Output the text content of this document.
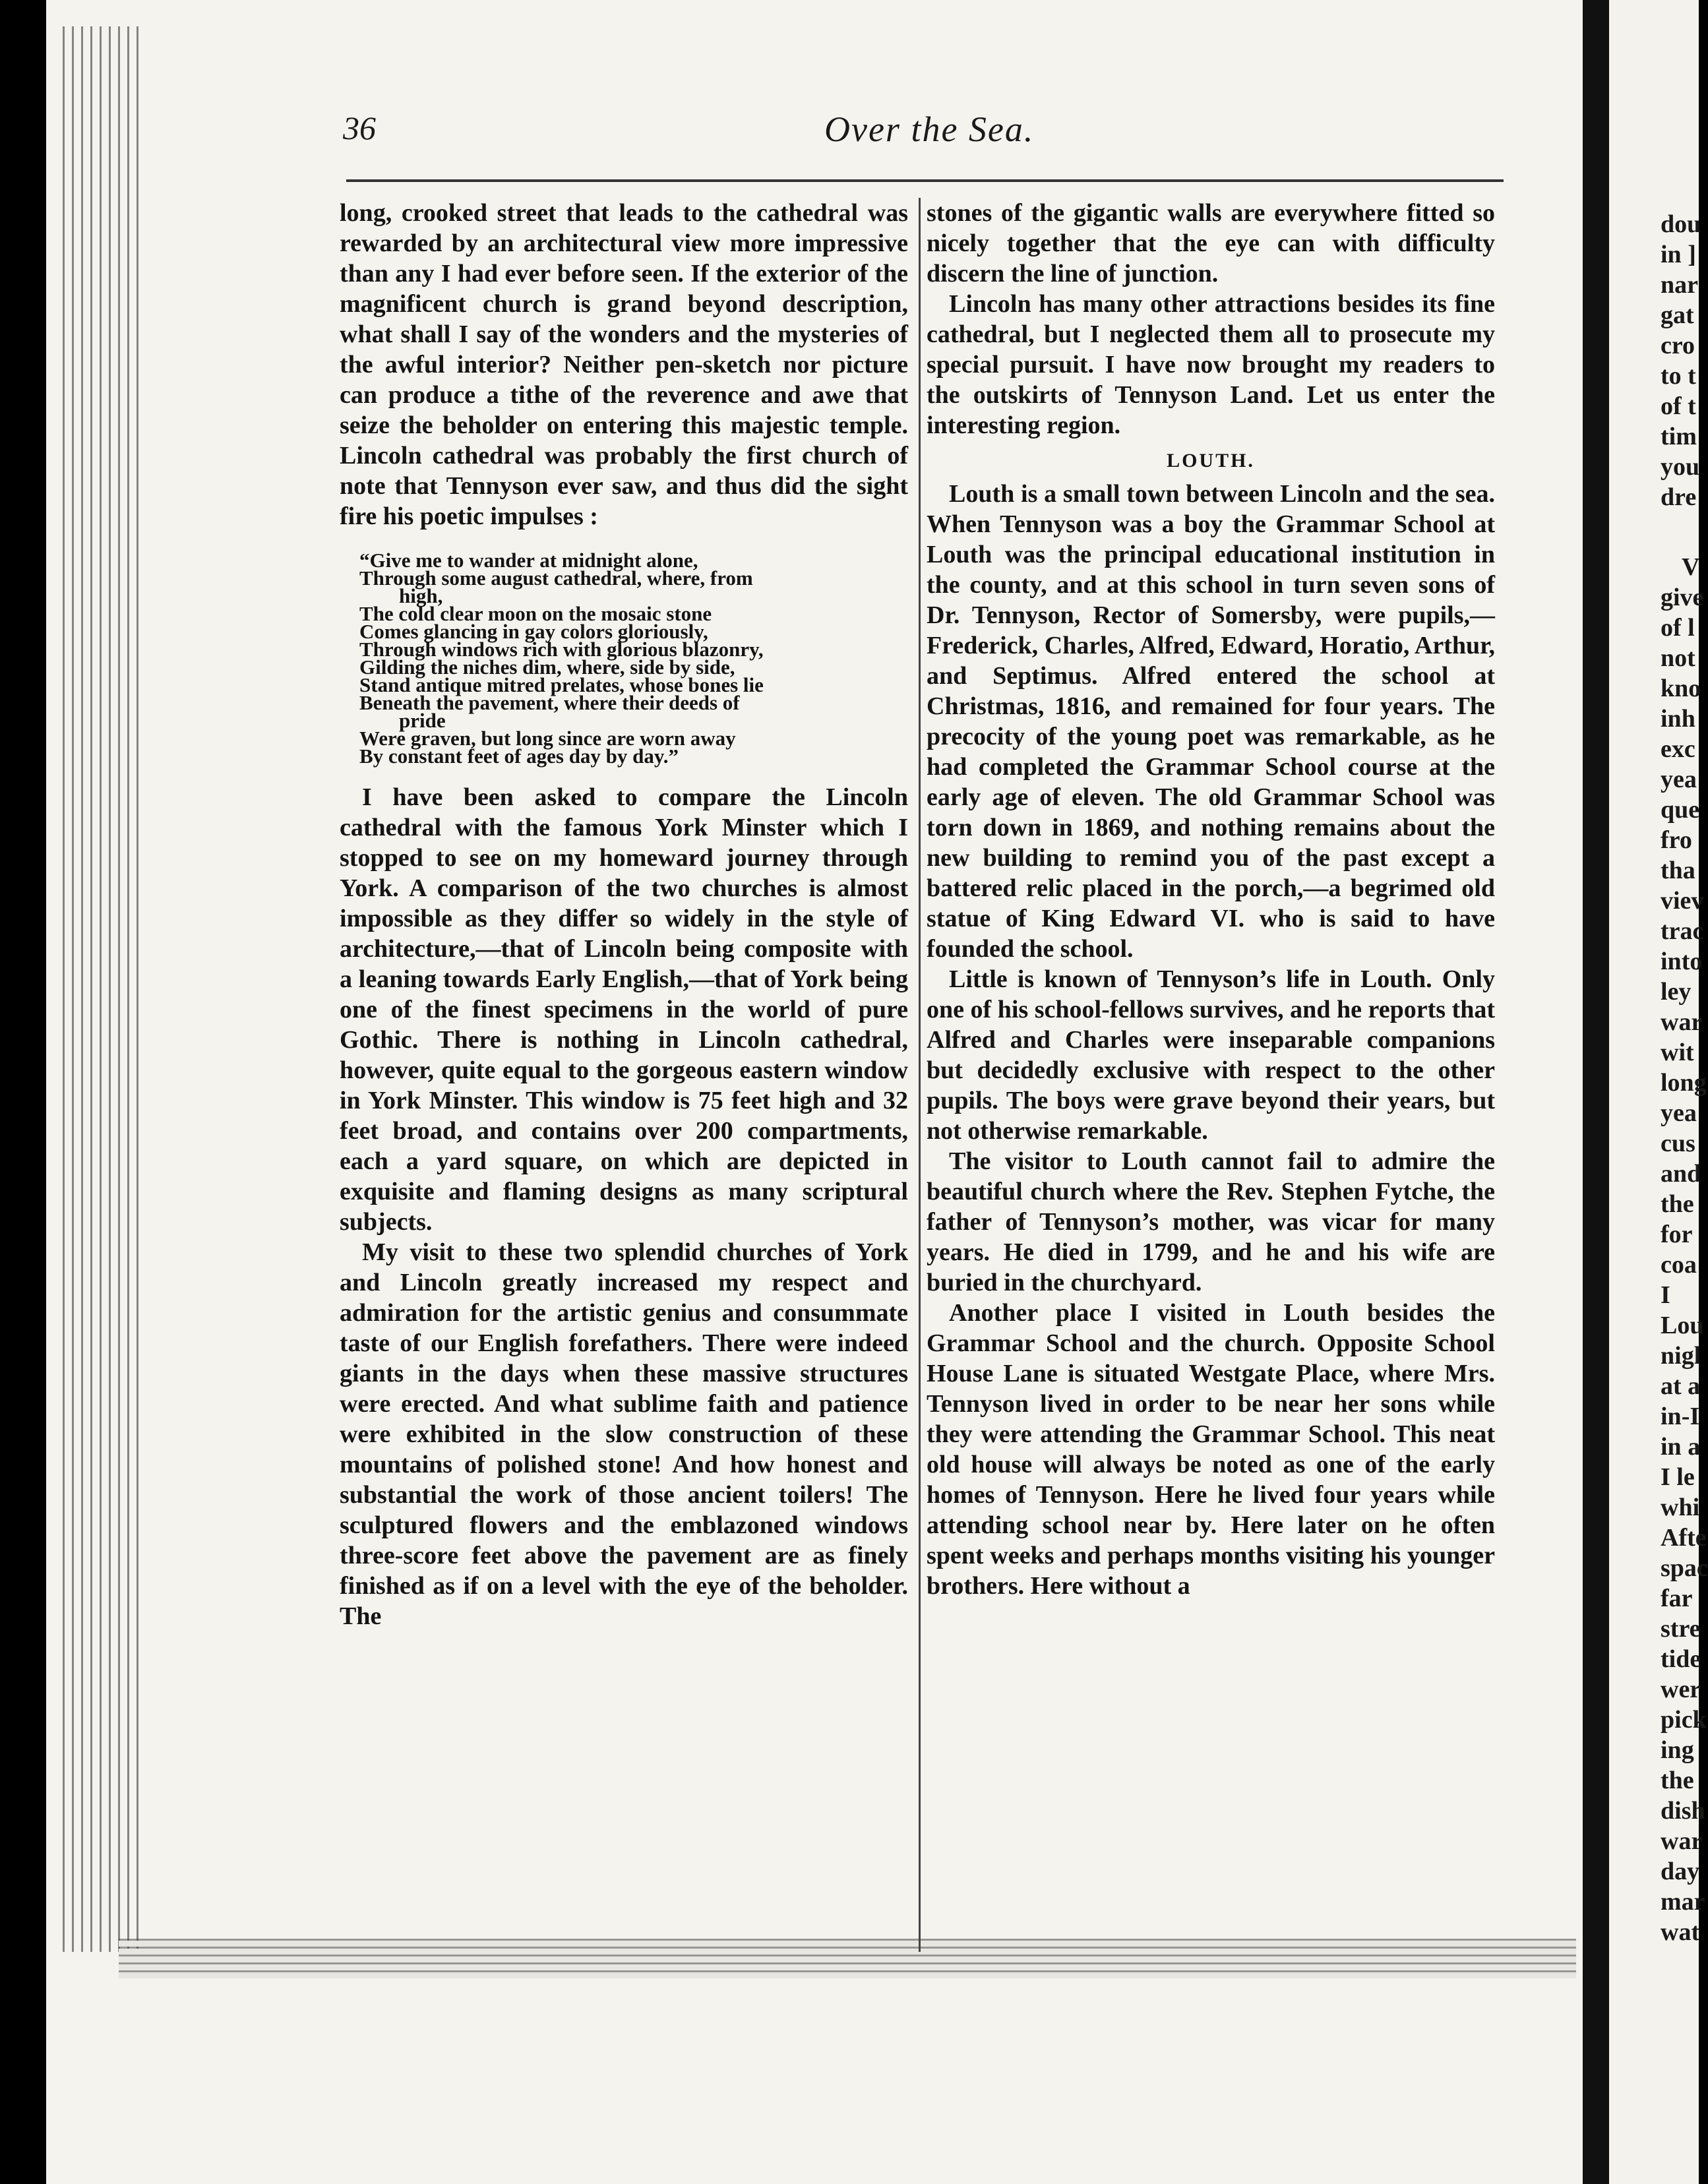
36	Over the Sea.

long, crooked street that leads to the cathedral was rewarded by an architectural view more impressive than any I had ever before seen. If the exterior of the magnificent church is grand beyond description, what shall I say of the wonders and the mysteries of the awful interior? Neither pen-sketch nor picture can produce a tithe of the reverence and awe that seize the beholder on entering this majestic temple. Lincoln cathedral was probably the first church of note that Tennyson ever saw, and thus did the sight fire his poetic impulses :

“Give me to wander at midnight alone,
Through some august cathedral, where, from
high,
The cold clear moon on the mosaic stone
Comes glancing in gay colors gloriously,
Through windows rich with glorious blazonry,
Gilding the niches dim, where, side by side,
Stand antique mitred prelates, whose bones lie
Beneath the pavement, where their deeds of
pride
Were graven, but long since are worn away
By constant feet of ages day by day.”

I have been asked to compare the Lincoln cathedral with the famous York Minster which I stopped to see on my homeward journey through York. A comparison of the two churches is almost impossible as they differ so widely in the style of architecture,—that of Lincoln being composite with a leaning towards Early English,—that of York being one of the finest specimens in the world of pure Gothic. There is nothing in Lincoln cathedral, however, quite equal to the gorgeous eastern window in York Minster. This window is 75 feet high and 32 feet broad, and contains over 200 compartments, each a yard square, on which are depicted in exquisite and flaming designs as many scriptural subjects.

My visit to these two splendid churches of York and Lincoln greatly increased my respect and admiration for the artistic genius and consummate taste of our English forefathers. There were indeed giants in the days when these massive structures were erected. And what sublime faith and patience were exhibited in the slow construction of these mountains of polished stone! And how honest and substantial the work of those ancient toilers! The sculptured flowers and the emblazoned windows three-score feet above the pavement are as finely finished as if on a level with the eye of the beholder. The

stones of the gigantic walls are everywhere fitted so nicely together that the eye can with difficulty discern the line of junction.

Lincoln has many other attractions besides its fine cathedral, but I neglected them all to prosecute my special pursuit. I have now brought my readers to the outskirts of Tennyson Land. Let us enter the interesting region.

LOUTH.

Louth is a small town between Lincoln and the sea. When Tennyson was a boy the Grammar School at Louth was the principal educational institution in the county, and at this school in turn seven sons of Dr. Tennyson, Rector of Somersby, were pupils,—Frederick, Charles, Alfred, Edward, Horatio, Arthur, and Septimus. Alfred entered the school at Christmas, 1816, and remained for four years. The precocity of the young poet was remarkable, as he had completed the Grammar School course at the early age of eleven. The old Grammar School was torn down in 1869, and nothing remains about the new building to remind you of the past except a battered relic placed in the porch,—a begrimed old statue of King Edward VI. who is said to have founded the school.

Little is known of Tennyson’s life in Louth. Only one of his school-fellows survives, and he reports that Alfred and Charles were inseparable companions but decidedly exclusive with respect to the other pupils. The boys were grave beyond their years, but not otherwise remarkable.

The visitor to Louth cannot fail to admire the beautiful church where the Rev. Stephen Fytche, the father of Tennyson’s mother, was vicar for many years. He died in 1799, and he and his wife are buried in the churchyard.

Another place I visited in Louth besides the Grammar School and the church. Opposite School House Lane is situated Westgate Place, where Mrs. Tennyson lived in order to be near her sons while they were attending the Grammar School. This neat old house will always be noted as one of the early homes of Tennyson. Here he lived four years while attending school near by. Here later on he often spent weeks and perhaps months visiting his younger brothers. Here without a

dou
in ]
nar
gat
cro
to t
of t
tim
you
dre
V
give
of l
not
kno
inh
exc
yea
que
fro
tha
viev
trac
into
ley
war
wit
long
yea
cus
and
the
for
coa
I
Lou
nigl
at a
in-I
in a
I le
whi
Afte
spac
far
stre
tide
wer
pick
ing
the
dish
war
day
mar
wat
